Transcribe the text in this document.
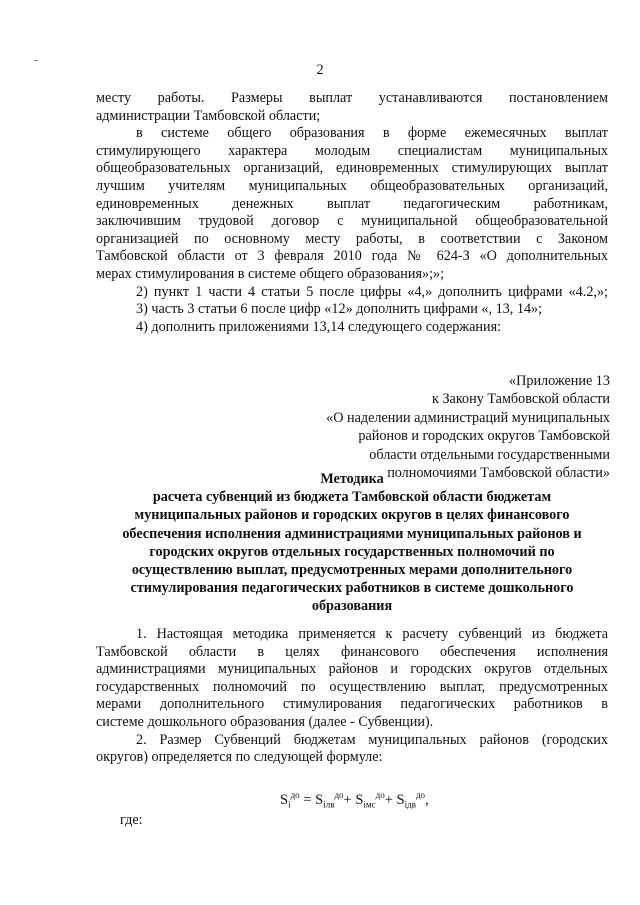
2

месту работы. Размеры выплат устанавливаются постановлением

администрации Тамбовской области;

в системе общего образования в форме ежемесячных выплат

стимулирующего характера молодым специалистам муниципальных

общеобразовательных организаций, единовременных стимулирующих выплат

лучшим учителям муниципальных общеобразовательных организаций,

единовременных денежных выплат педагогическим работникам,

заключившим трудовой договор с муниципальной общеобразовательной

организацией по основному месту работы, в соответствии с Законом

Тамбовской области от 3 февраля 2010 года № 624-З «О дополнительных

мерах стимулирования в системе общего образования»;»;

2) пункт 1 части 4 статьи 5 после цифры «4,» дополнить цифрами «4.2,»;

3) часть 3 статьи 6 после цифр «12» дополнить цифрами «, 13, 14»;

4) дополнить приложениями 13,14 следующего содержания:

«Приложение 13
к Закону Тамбовской области
«О наделении администраций муниципальных
районов и городских округов Тамбовской
области отдельными государственными
полномочиями Тамбовской области»
Методика
расчета субвенций из бюджета Тамбовской области бюджетам
муниципальных районов и городских округов в целях финансового
обеспечения исполнения администрациями муниципальных районов и
городских округов отдельных государственных полномочий по
осуществлению выплат, предусмотренных мерами дополнительного
стимулирования педагогических работников в системе дошкольного
образования

1. Настоящая методика применяется к расчету субвенций из бюджета

Тамбовской области в целях финансового обеспечения исполнения

администрациями муниципальных районов и городских округов отдельных

государственных полномочий по осуществлению выплат, предусмотренных

мерами дополнительного стимулирования педагогических работников в

системе дошкольного образования (далее - Субвенции).

2. Размер Субвенций бюджетам муниципальных районов (городских

округов) определяется по следующей формуле:

$S_i^{до} = S_{iлв}^{до}+ S_{iмс}^{до}+ S_{iдв}^{до}$,
где:
